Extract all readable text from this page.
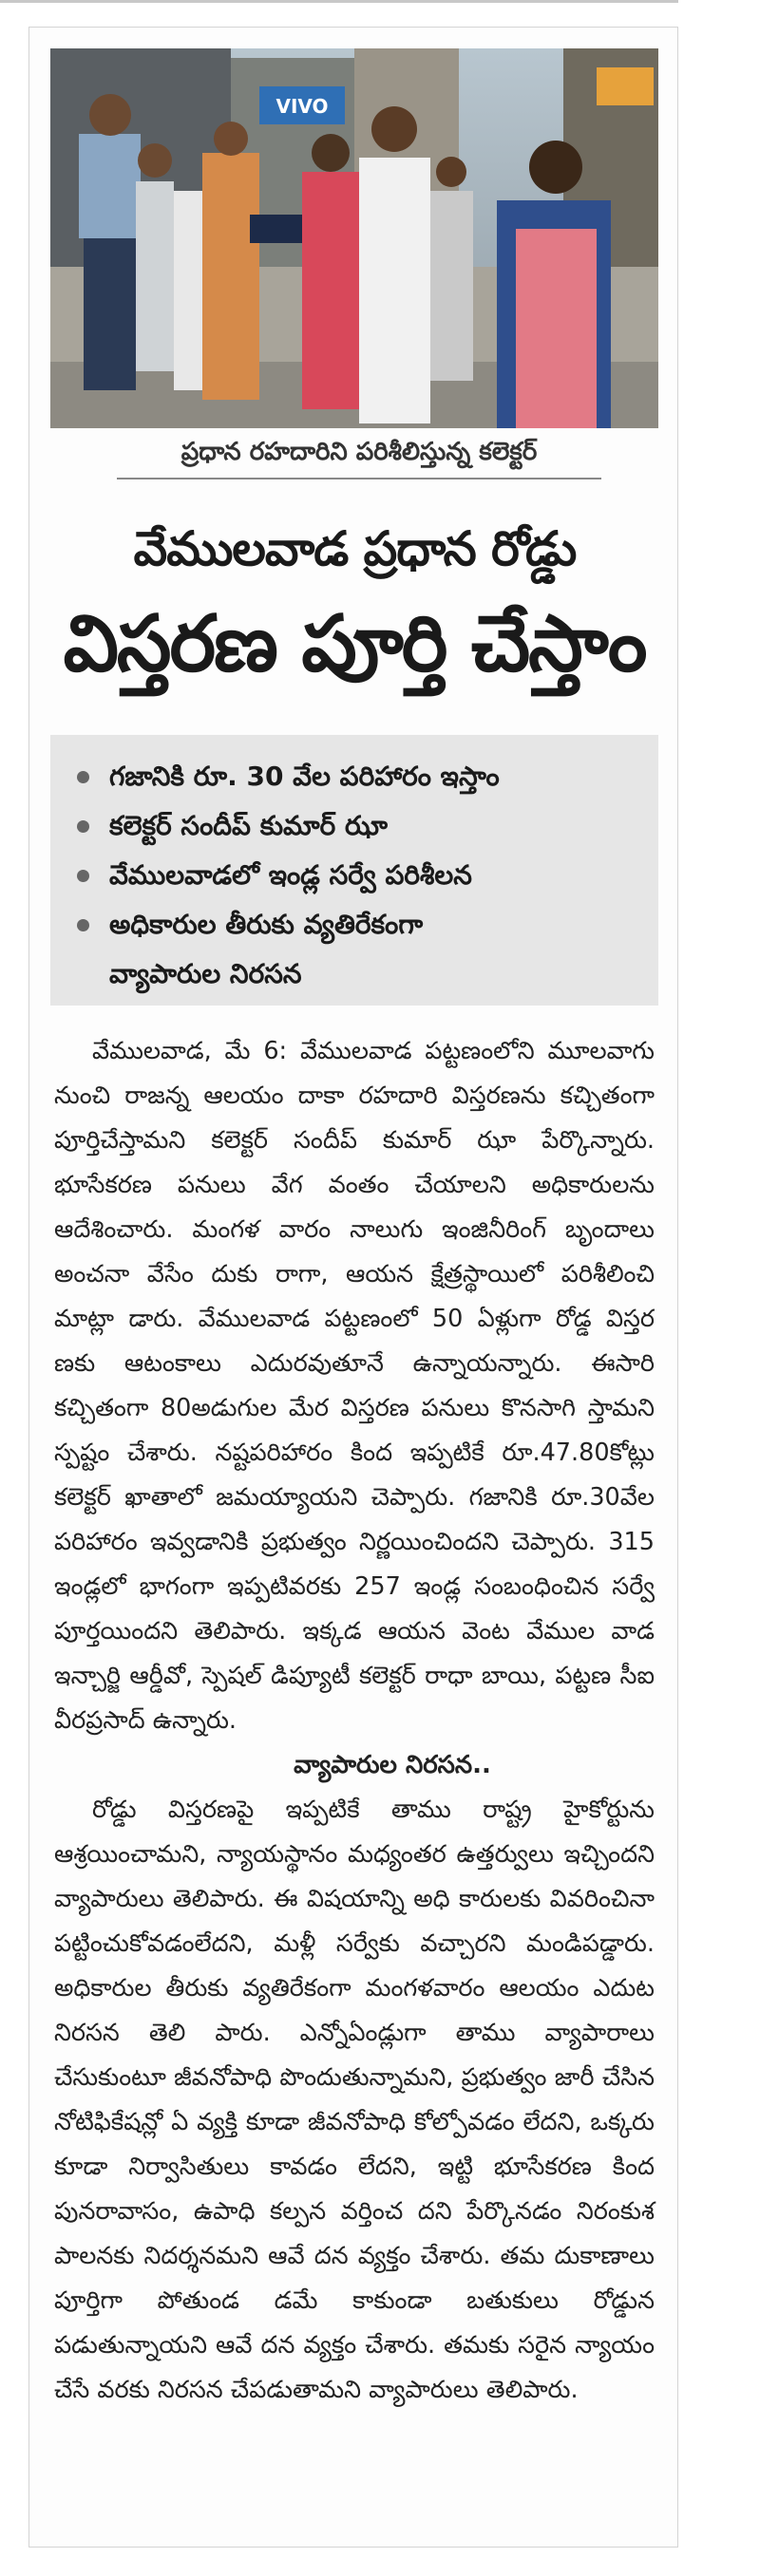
VIVO
ప్రధాన రహదారిని పరిశీలిస్తున్న కలెక్టర్
వేములవాడ ప్రధాన రోడ్డు
విస్తరణ పూర్తి చేస్తాం
గజానికి రూ. 30 వేల పరిహారం ఇస్తాం
కలెక్టర్ సందీప్ కుమార్ ఝా
వేములవాడలో ఇండ్ల సర్వే పరిశీలన
అధికారుల తీరుకు వ్యతిరేకంగా
వ్యాపారుల నిరసన

వేములవాడ, మే 6: వేములవాడ పట్టణంలోని మూలవాగు నుంచి రాజన్న ఆలయం దాకా రహదారి విస్తరణను కచ్చితంగా పూర్తిచేస్తామని కలెక్టర్ సందీప్ కుమార్ ఝా పేర్కొన్నారు. భూసేకరణ పనులు వేగ వంతం చేయాలని అధికారులను ఆదేశించారు. మంగళ వారం నాలుగు ఇంజినీరింగ్ బృందాలు అంచనా వేసేం దుకు రాగా, ఆయన క్షేత్రస్థాయిలో పరిశీలించి మాట్లా డారు. వేములవాడ పట్టణంలో 50 ఏళ్లుగా రోడ్డ విస్తర ణకు ఆటంకాలు ఎదురవుతూనే ఉన్నాయన్నారు. ఈసారి కచ్చితంగా 80అడుగుల మేర విస్తరణ పనులు కొనసాగి స్తామని స్పష్టం చేశారు. నష్టపరిహారం కింద ఇప్పటికే రూ.47.80కోట్లు కలెక్టర్ ఖాతాలో జమయ్యాయని చెప్పారు. గజానికి రూ.30వేల పరిహారం ఇవ్వడానికి ప్రభుత్వం నిర్ణయించిందని చెప్పారు. 315 ఇండ్లలో భాగంగా ఇప్పటివరకు 257 ఇండ్ల సంబంధించిన సర్వే పూర్తయిందని తెలిపారు. ఇక్కడ ఆయన వెంట వేముల వాడ ఇన్చార్జి ఆర్డీవో, స్పెషల్ డిప్యూటీ కలెక్టర్ రాధా బాయి, పట్టణ సీఐ వీరప్రసాద్ ఉన్నారు.

వ్యాపారుల నిరసన..

రోడ్డు విస్తరణపై ఇప్పటికే తాము రాష్ట్ర హైకోర్టును ఆశ్రయించామని, న్యాయస్థానం మధ్యంతర ఉత్తర్వులు ఇచ్చిందని వ్యాపారులు తెలిపారు. ఈ విషయాన్ని అధి కారులకు వివరించినా పట్టించుకోవడంలేదని, మళ్లీ సర్వేకు వచ్చారని మండిపడ్డారు. అధికారుల తీరుకు వ్యతిరేకంగా మంగళవారం ఆలయం ఎదుట నిరసన తెలి పారు. ఎన్నోఏండ్లుగా తాము వ్యాపారాలు చేసుకుంటూ జీవనోపాధి పొందుతున్నామని, ప్రభుత్వం జారీ చేసిన నోటిఫికేషన్లో ఏ వ్యక్తి కూడా జీవనోపాధి కోల్పోవడం లేదని, ఒక్కరు కూడా నిర్వాసితులు కావడం లేదని, ఇట్టి భూసేకరణ కింద పునరావాసం, ఉపాధి కల్పన వర్తించ దని పేర్కొనడం నిరంకుశ పాలనకు నిదర్శనమని ఆవే దన వ్యక్తం చేశారు. తమ దుకాణాలు పూర్తిగా పోతుండ డమే కాకుండా బతుకులు రోడ్డున పడుతున్నాయని ఆవే దన వ్యక్తం చేశారు. తమకు సరైన న్యాయం చేసే వరకు నిరసన చేపడుతామని వ్యాపారులు తెలిపారు.
